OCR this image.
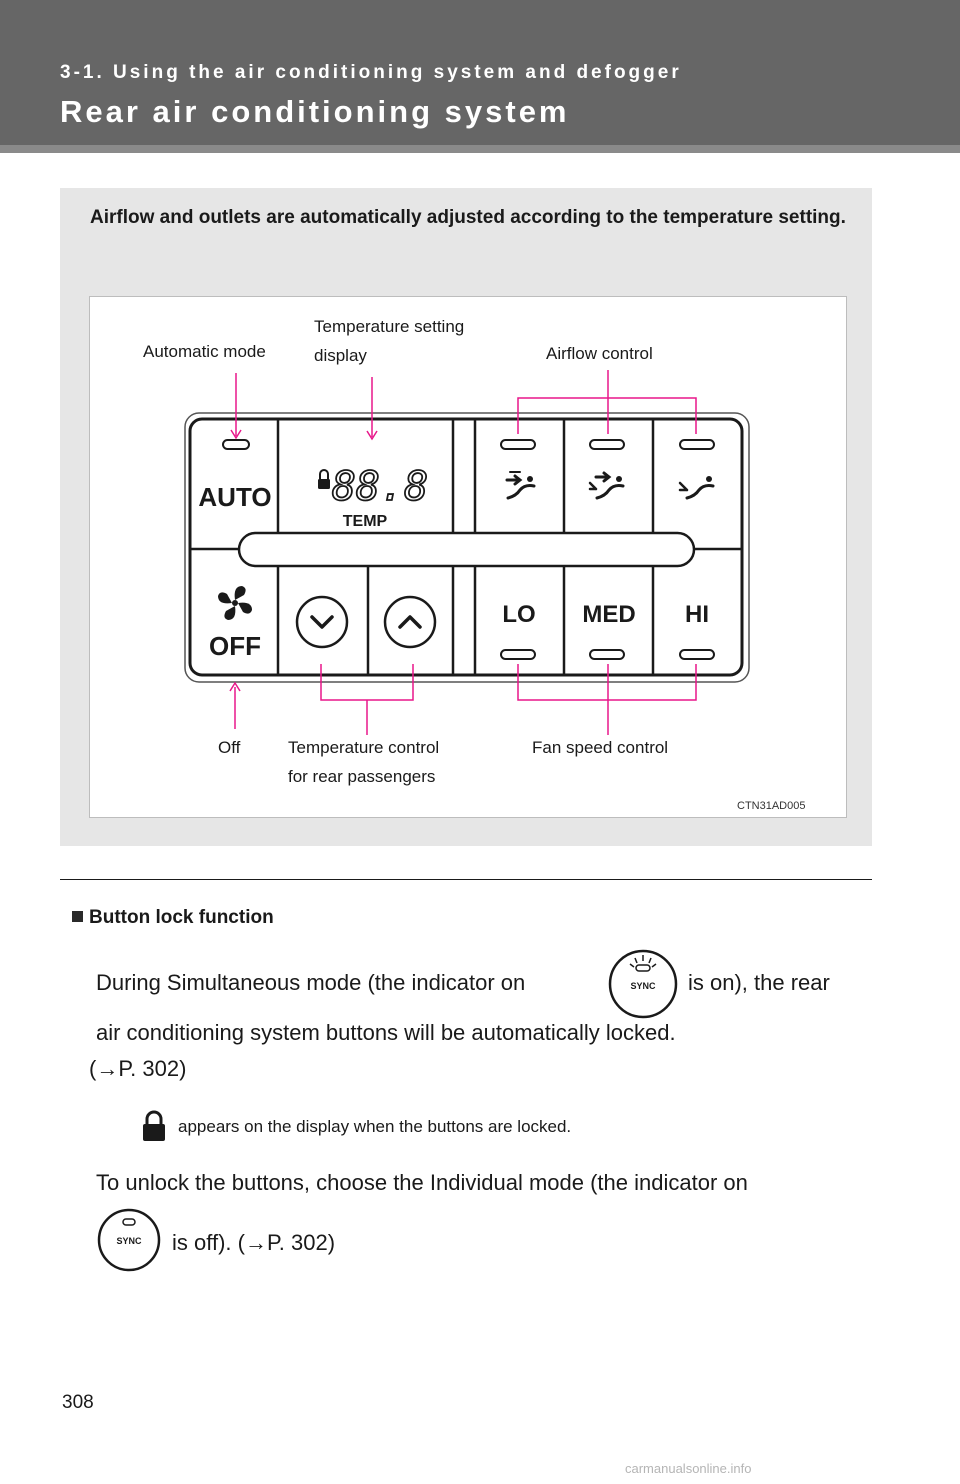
3-1. Using the air conditioning system and defogger
Rear air conditioning system
Airflow and outlets are automatically adjusted according to the temperature setting.
AUTO 88.8
TEMP
OFF
LO MED HI
Automatic mode
Temperature setting
display	Airflow control
Off	Temperature control
for rear passengers
Fan speed control
CTN31AD005
Button lock function
During Simultaneous mode (the indicator on	SYNC is on), the rear
air conditioning system buttons will be automatically locked.
(→P. 302)
appears on the display when the buttons are locked.
To unlock the buttons, choose the Individual mode (the indicator on
SYNC is off). (→P. 302)
308
carmanualsonline.info
